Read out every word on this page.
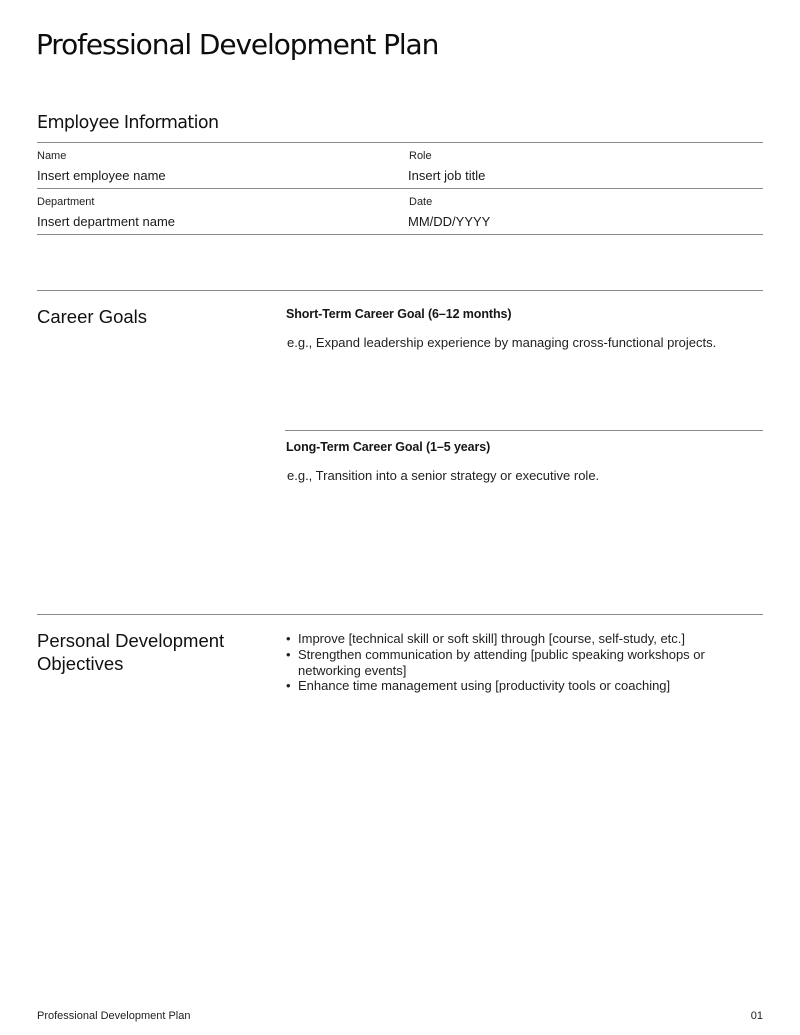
Professional Development Plan
Employee Information
Name
Insert employee name
Role
Insert job title
Department
Insert department name
Date
MM/DD/YYYY
Career Goals	Short-Term Career Goal (6–12 months)
e.g., Expand leadership experience by managing cross-functional projects.
Long-Term Career Goal (1–5 years)
e.g., Transition into a senior strategy or executive role.
Personal Development
Objectives
• Improve [technical skill or soft skill] through [course, self-study, etc.]
• Strengthen communication by attending [public speaking workshops or networking events]
• Enhance time management using [productivity tools or coaching]
Professional Development Plan	01
